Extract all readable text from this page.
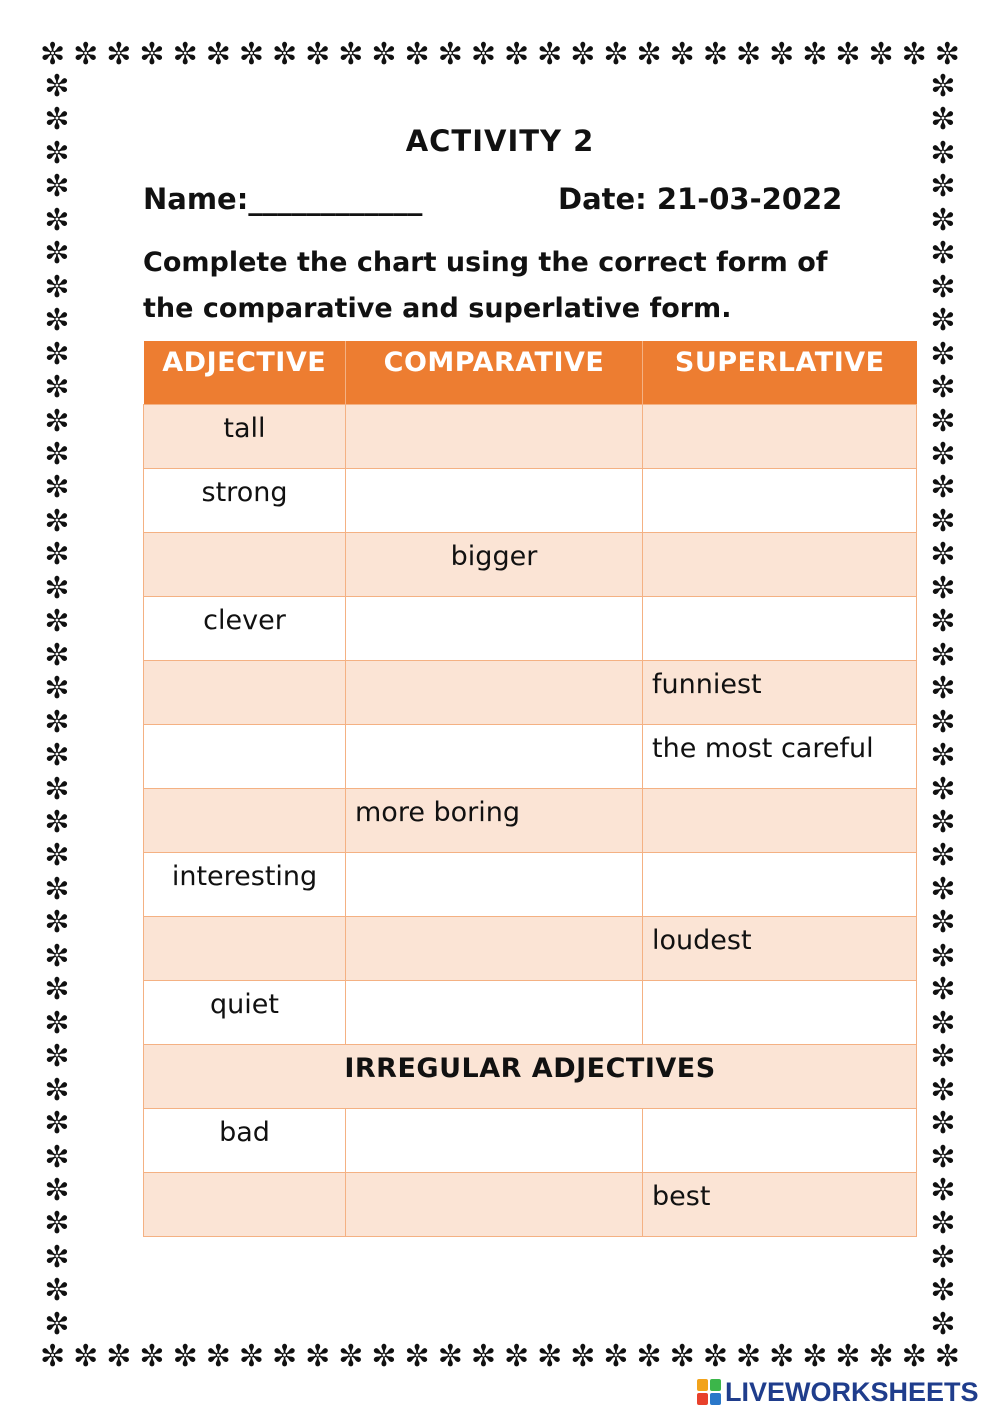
✼ ✼ ✼ ✼ ✼ ✼ ✼ ✼ ✼ ✼ ✼ ✼ ✼ ✼ ✼ ✼ ✼ ✼ ✼ ✼ ✼ ✼ ✼ ✼ ✼ ✼ ✼ ✼
✼
✼
✼
✼
✼
✼
✼
✼
✼
✼
✼
✼
✼
✼
✼
✼
✼
✼
✼
✼
✼
✼
✼
✼
✼
✼
✼
✼
✼
✼
✼
✼
✼
✼
✼
✼
✼
✼
✼
✼
✼
✼
✼
✼
✼
✼
✼
✼
✼
✼
✼
✼
✼
✼
✼
✼
✼
✼
✼
✼
✼
✼
✼
✼
✼
✼
✼
✼
✼
✼
✼
✼
✼
✼
✼
✼
✼ ✼ ✼ ✼ ✼ ✼ ✼ ✼ ✼ ✼ ✼ ✼ ✼ ✼ ✼ ✼ ✼ ✼ ✼ ✼ ✼ ✼ ✼ ✼ ✼ ✼ ✼ ✼
ACTIVITY 2
Name:____________	Date: 21-03-2022
Complete the chart using the correct form of
the comparative and superlative form.
ADJECTIVE	COMPARATIVE	SUPERLATIVE
tall		
strong		
	bigger	
clever		
		funniest
		the most careful
	more boring	
interesting		
		loudest
quiet		
IRREGULAR ADJECTIVES		
bad		
		best
LIVEWORKSHEETS
